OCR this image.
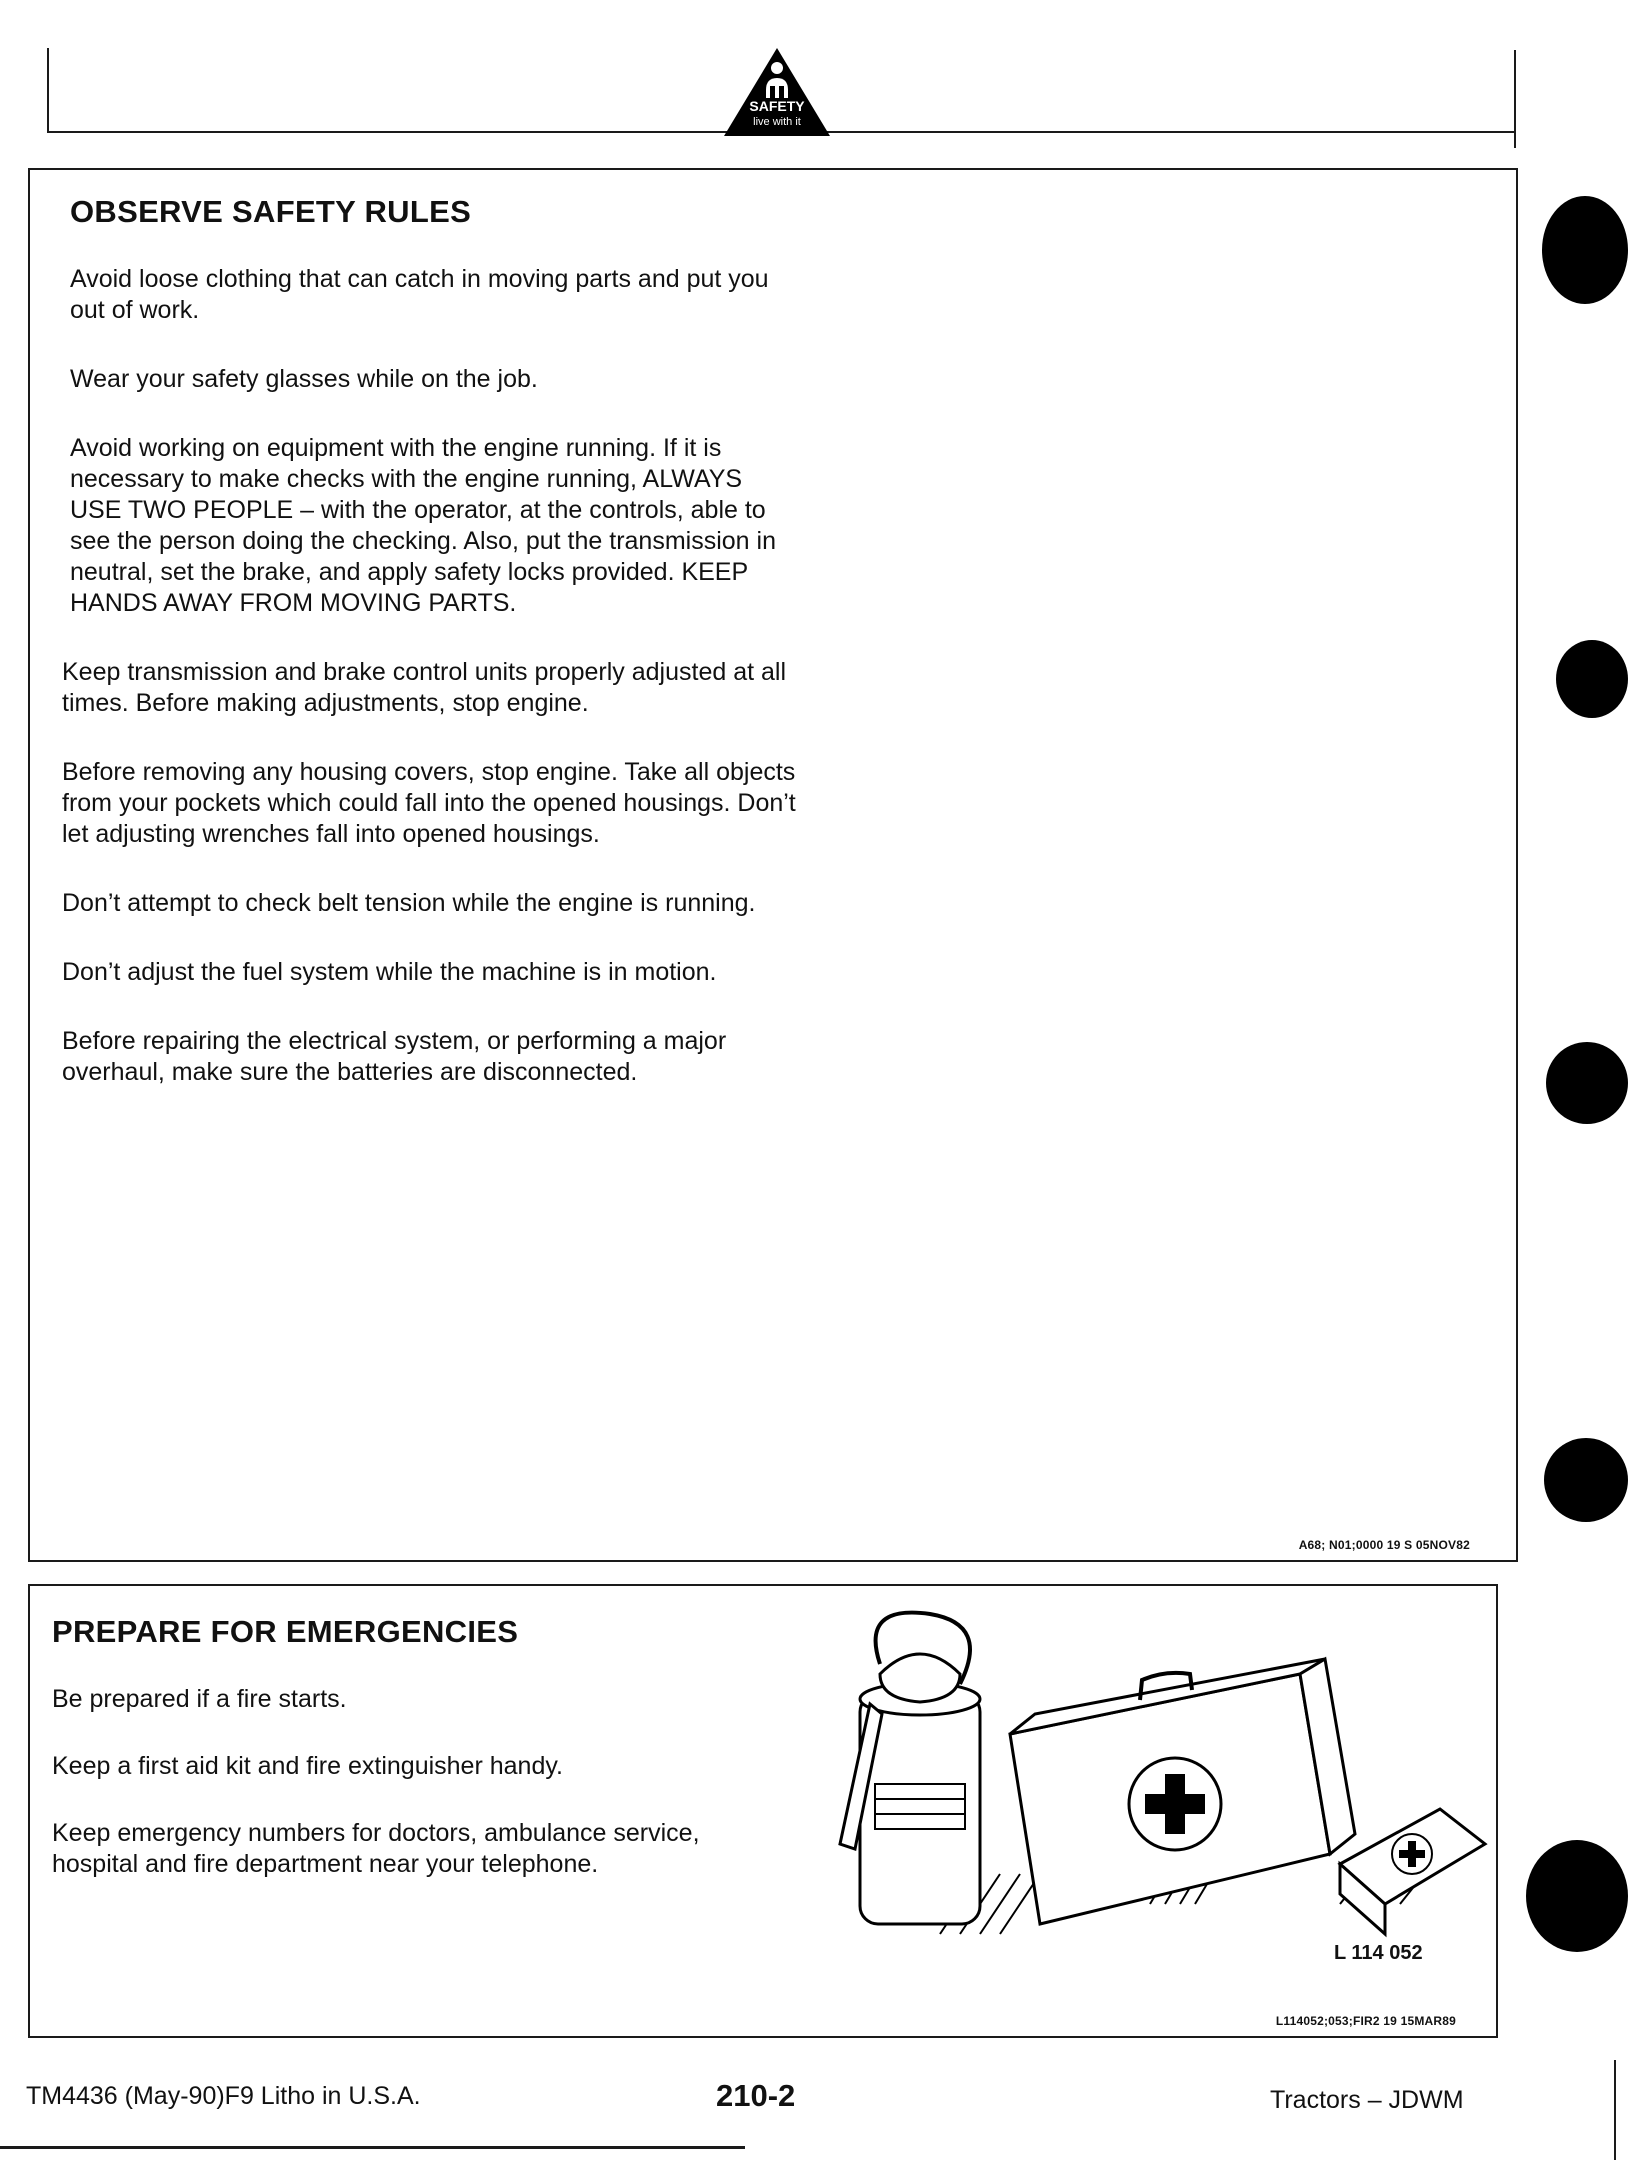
SAFETY
live with it
OBSERVE SAFETY RULES

Avoid loose clothing that can catch in moving parts and put you out of work.

Wear your safety glasses while on the job.

Avoid working on equipment with the engine running. If it is necessary to make checks with the engine running, ALWAYS USE TWO PEOPLE – with the operator, at the controls, able to see the person doing the checking. Also, put the transmission in neutral, set the brake, and apply safety locks provided. KEEP HANDS AWAY FROM MOVING PARTS.

Keep transmission and brake control units properly adjusted at all times. Before making adjustments, stop engine.

Before removing any housing covers, stop engine. Take all objects from your pockets which could fall into the opened housings. Don’t let adjusting wrenches fall into opened housings.

Don’t attempt to check belt tension while the engine is running.

Don’t adjust the fuel system while the machine is in motion.

Before repairing the electrical system, or performing a major overhaul, make sure the batteries are disconnected.

A68; N01;0000 19 S 05NOV82
PREPARE FOR EMERGENCIES

Be prepared if a fire starts.

Keep a first aid kit and fire extinguisher handy.

Keep emergency numbers for doctors, ambulance service, hospital and fire department near your telephone.

L 114 052
L114052;053;FIR2 19 15MAR89
TM4436 (May-90)F9 Litho in U.S.A.	210-2	Tractors – JDWM
